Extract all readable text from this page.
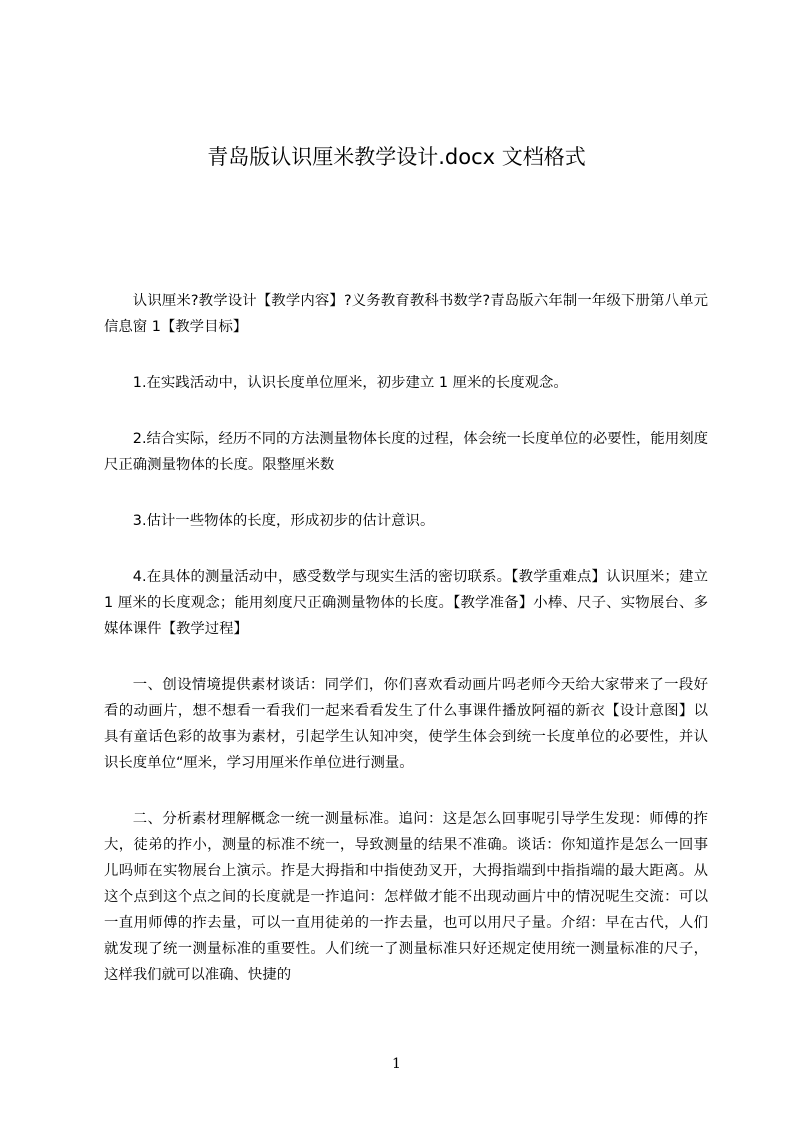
青岛版认识厘米教学设计.docx 文档格式

认识厘米?教学设计【教学内容】?义务教育教科书数学?青岛版六年制一年级下册第八单元信息窗 1【教学目标】

1.在实践活动中，认识长度单位厘米，初步建立 1 厘米的长度观念。

2.结合实际，经历不同的方法测量物体长度的过程，体会统一长度单位的必要性，能用刻度尺正确测量物体的长度。限整厘米数

3.估计一些物体的长度，形成初步的估计意识。

4.在具体的测量活动中，感受数学与现实生活的密切联系。【教学重难点】认识厘米；建立 1 厘米的长度观念；能用刻度尺正确测量物体的长度。【教学准备】小棒、尺子、实物展台、多媒体课件【教学过程】

一、创设情境提供素材谈话：同学们，你们喜欢看动画片吗老师今天给大家带来了一段好看的动画片，想不想看一看我们一起来看看发生了什么事课件播放阿福的新衣【设计意图】以具有童话色彩的故事为素材，引起学生认知冲突，使学生体会到统一长度单位的必要性，并认识长度单位“厘米，学习用厘米作单位进行测量。

二、分析素材理解概念一统一测量标准。追问：这是怎么回事呢引导学生发现：师傅的拃大，徒弟的拃小，测量的标准不统一，导致测量的结果不准确。谈话：你知道拃是怎么一回事儿吗师在实物展台上演示。拃是大拇指和中指使劲叉开，大拇指端到中指指端的最大距离。从这个点到这个点之间的长度就是一拃追问：怎样做才能不出现动画片中的情况呢生交流：可以一直用师傅的拃去量，可以一直用徒弟的一拃去量，也可以用尺子量。介绍：早在古代，人们就发现了统一测量标准的重要性。人们统一了测量标准只好还规定使用统一测量标准的尺子，这样我们就可以准确、快捷的

1
